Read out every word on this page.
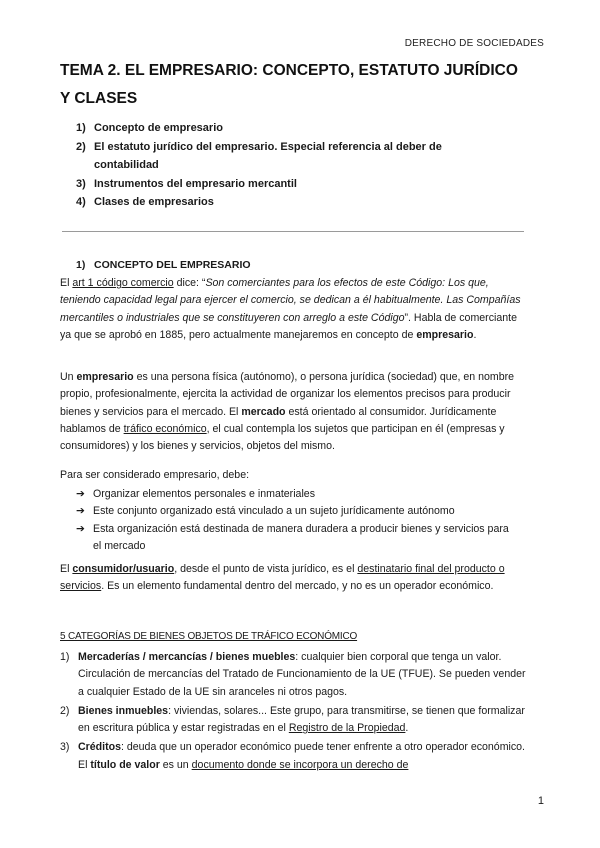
DERECHO DE SOCIEDADES
TEMA 2. EL EMPRESARIO: CONCEPTO, ESTATUTO JURÍDICO Y CLASES
1) Concepto de empresario
2) El estatuto jurídico del empresario. Especial referencia al deber de contabilidad
3) Instrumentos del empresario mercantil
4) Clases de empresarios
1) CONCEPTO DEL EMPRESARIO

El art 1 código comercio dice: “Son comerciantes para los efectos de este Código: Los que, teniendo capacidad legal para ejercer el comercio, se dedican a él habitualmente. Las Compañías mercantiles o industriales que se constituyeren con arreglo a este Código”. Habla de comerciante ya que se aprobó en 1885, pero actualmente manejaremos en concepto de empresario.

Un empresario es una persona física (autónomo), o persona jurídica (sociedad) que, en nombre propio, profesionalmente, ejercita la actividad de organizar los elementos precisos para producir bienes y servicios para el mercado. El mercado está orientado al consumidor. Jurídicamente hablamos de tráfico económico, el cual contempla los sujetos que participan en él (empresas y consumidores) y los bienes y servicios, objetos del mismo.

Para ser considerado empresario, debe:

➔ Organizar elementos personales e inmateriales
➔ Este conjunto organizado está vinculado a un sujeto jurídicamente autónomo
➔ Esta organización está destinada de manera duradera a producir bienes y servicios para el mercado

El consumidor/usuario, desde el punto de vista jurídico, es el destinatario final del producto o servicios. Es un elemento fundamental dentro del mercado, y no es un operador económico.

5 CATEGORÍAS DE BIENES OBJETOS DE TRÁFICO ECONÓMICO
1) Mercaderías / mercancías / bienes muebles: cualquier bien corporal que tenga un valor. Circulación de mercancías del Tratado de Funcionamiento de la UE (TFUE). Se pueden vender a cualquier Estado de la UE sin aranceles ni otros pagos.
2) Bienes inmuebles: viviendas, solares... Este grupo, para transmitirse, se tienen que formalizar en escritura pública y estar registradas en el Registro de la Propiedad.
3) Créditos: deuda que un operador económico puede tener enfrente a otro operador económico. El título de valor es un documento donde se incorpora un derecho de
1
